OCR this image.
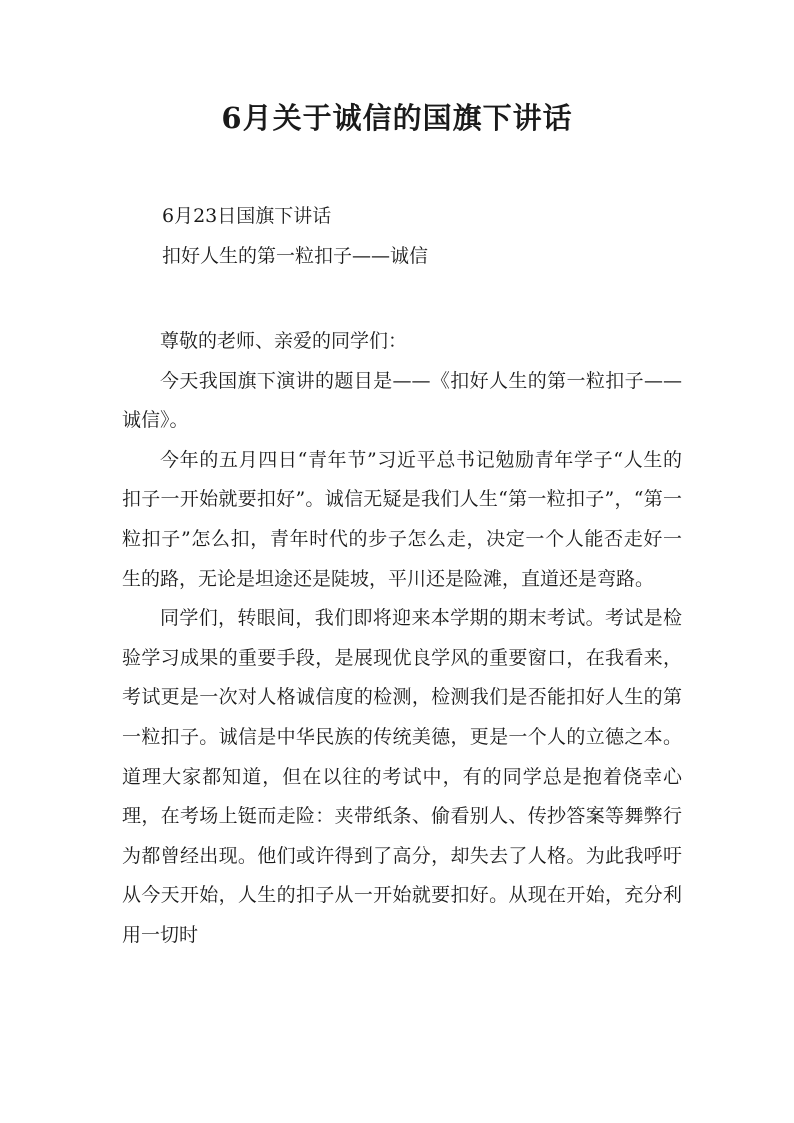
6月关于诚信的国旗下讲话
6月23日国旗下讲话
扣好人生的第一粒扣子——诚信

尊敬的老师、亲爱的同学们：

今天我国旗下演讲的题目是——《扣好人生的第一粒扣子——诚信》。

今年的五月四日“青年节”习近平总书记勉励青年学子“人生的扣子一开始就要扣好”。诚信无疑是我们人生“第一粒扣子”，“第一粒扣子”怎么扣，青年时代的步子怎么走，决定一个人能否走好一生的路，无论是坦途还是陡坡，平川还是险滩，直道还是弯路。

同学们，转眼间，我们即将迎来本学期的期末考试。考试是检验学习成果的重要手段，是展现优良学风的重要窗口，在我看来，考试更是一次对人格诚信度的检测，检测我们是否能扣好人生的第一粒扣子。诚信是中华民族的传统美德，更是一个人的立德之本。道理大家都知道，但在以往的考试中，有的同学总是抱着侥幸心理，在考场上铤而走险：夹带纸条、偷看别人、传抄答案等舞弊行为都曾经出现。他们或许得到了高分，却失去了人格。为此我呼吁从今天开始，人生的扣子从一开始就要扣好。从现在开始，充分利用一切时
